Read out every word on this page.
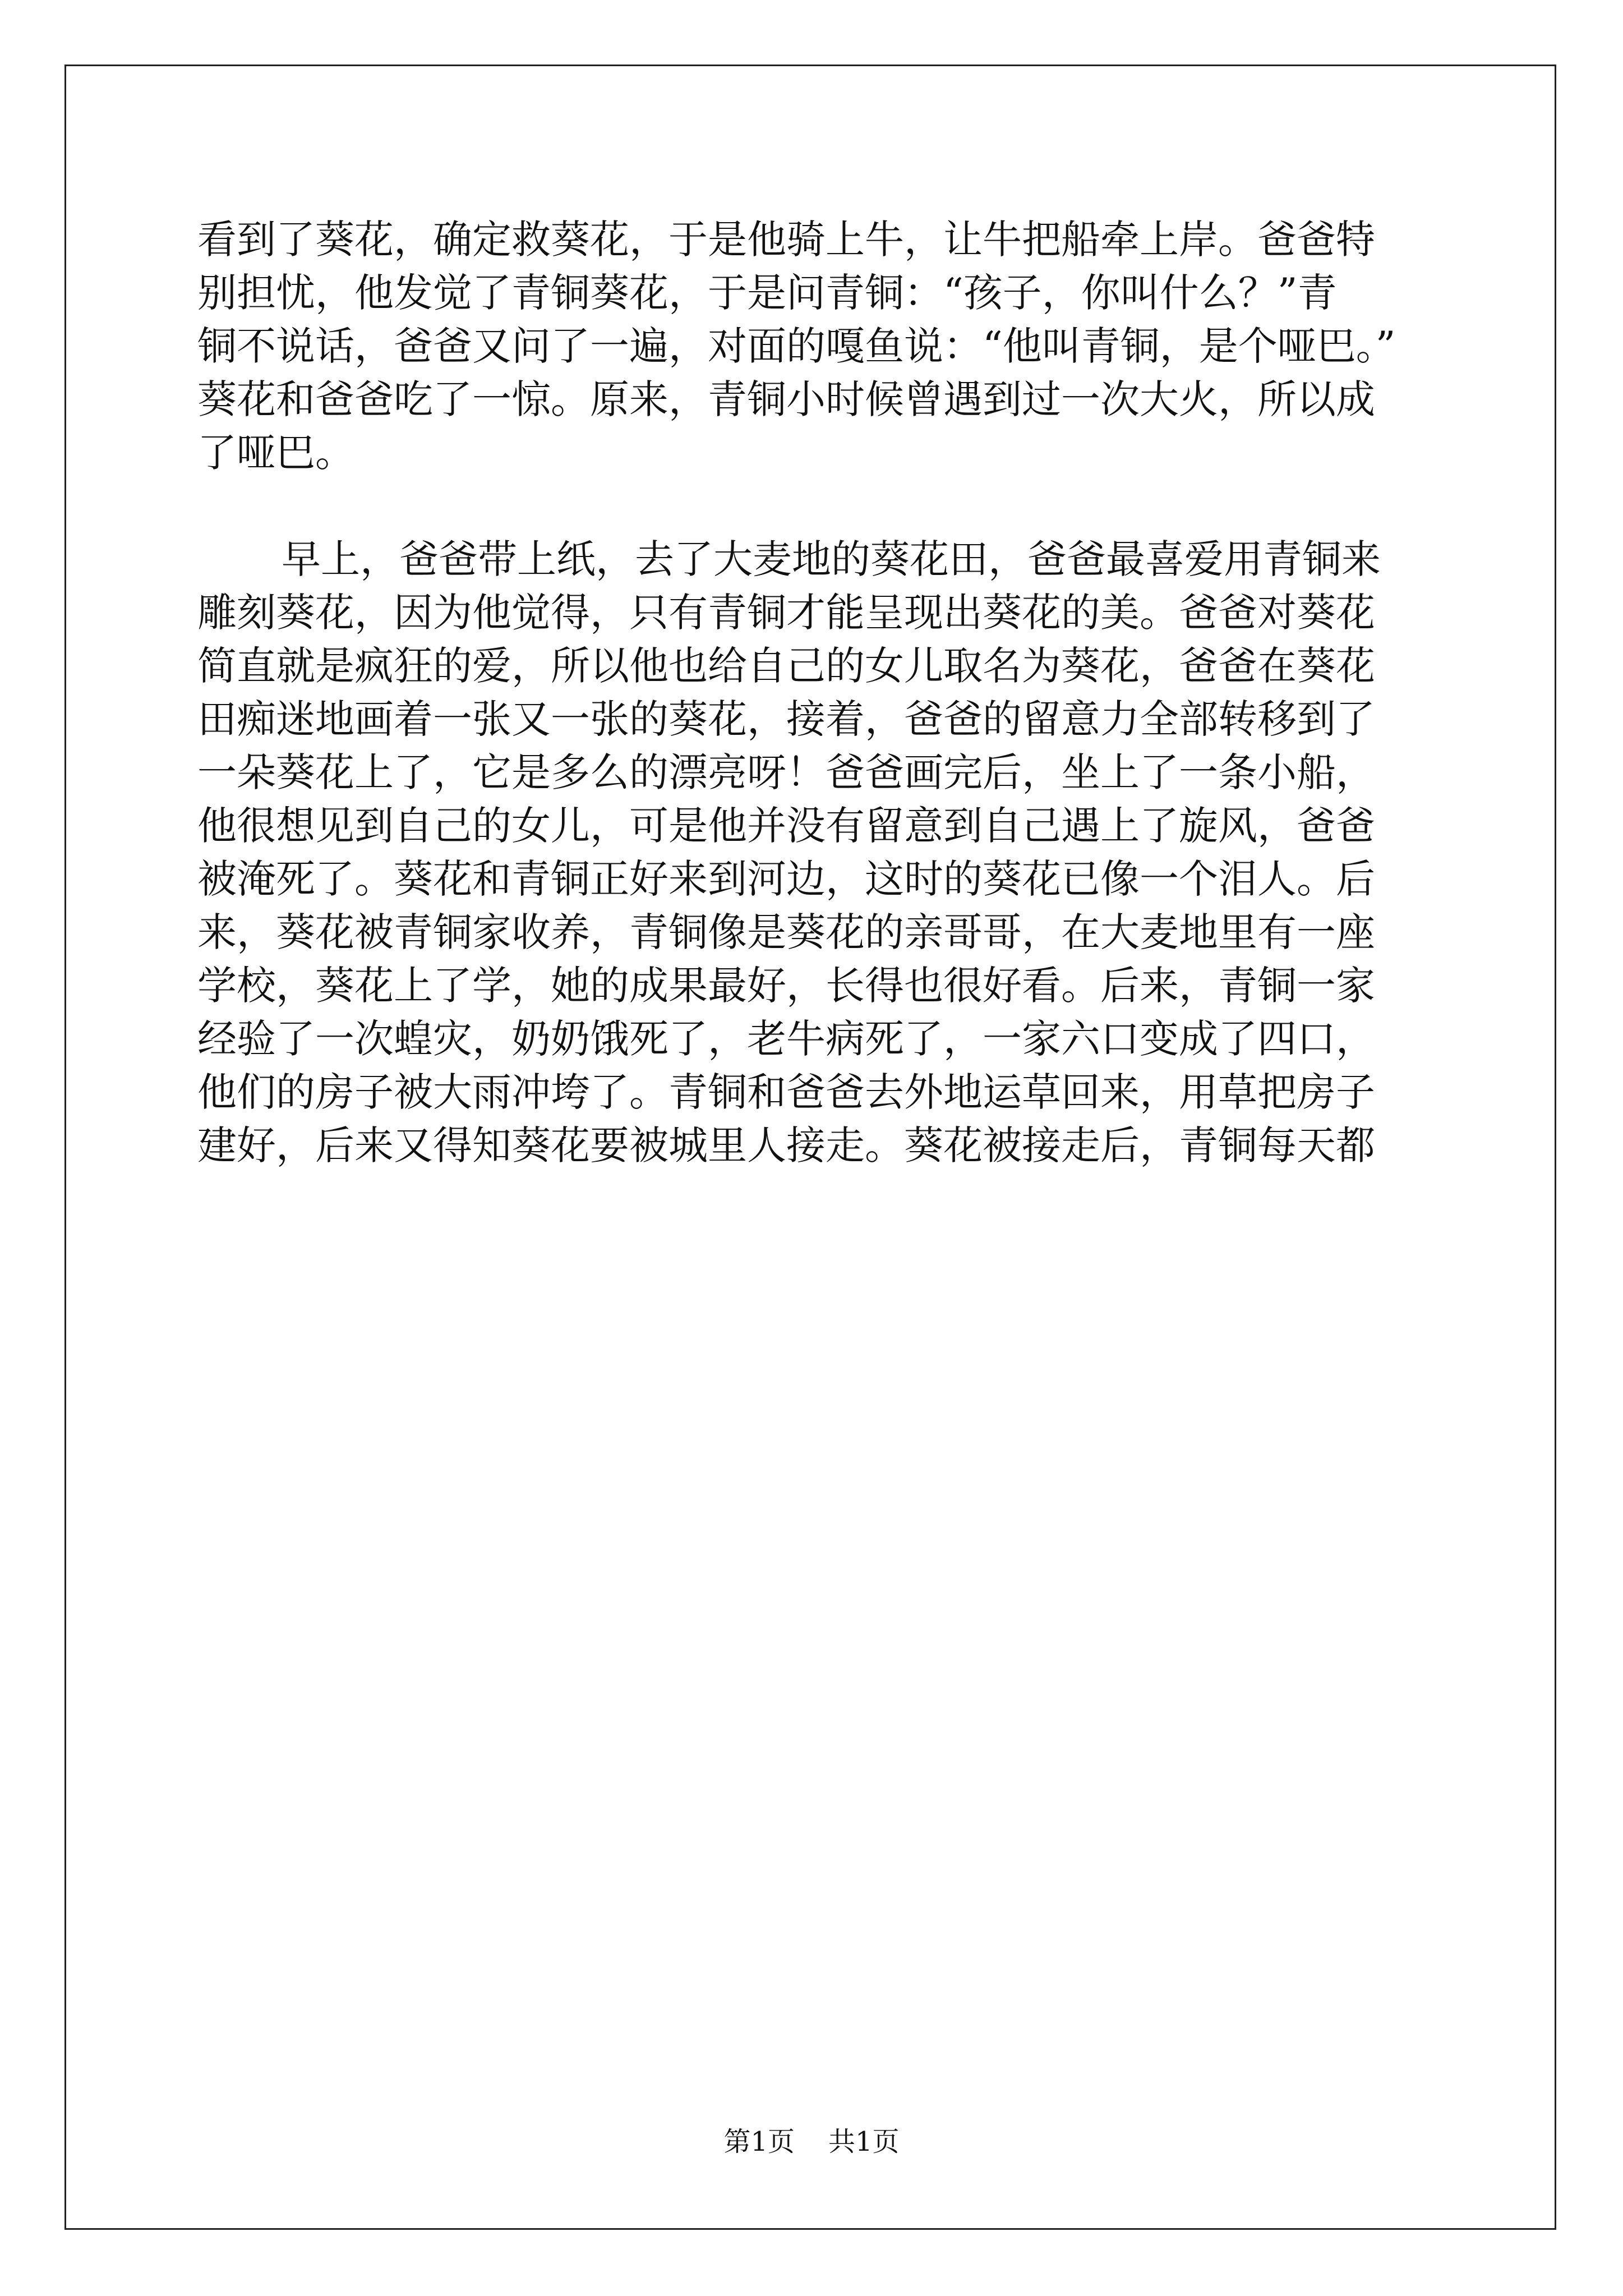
看到了葵花，确定救葵花，于是他骑上牛，让牛把船牵上岸。爸爸特
别担忧，他发觉了青铜葵花，于是问青铜：“孩子，你叫什么？”青
铜不说话，爸爸又问了一遍，对面的嘎鱼说：“他叫青铜，是个哑巴。”
葵花和爸爸吃了一惊。原来，青铜小时候曾遇到过一次大火，所以成
了哑巴。
早上，爸爸带上纸，去了大麦地的葵花田，爸爸最喜爱用青铜来
雕刻葵花，因为他觉得，只有青铜才能呈现出葵花的美。爸爸对葵花
简直就是疯狂的爱，所以他也给自己的女儿取名为葵花，爸爸在葵花
田痴迷地画着一张又一张的葵花，接着，爸爸的留意力全部转移到了
一朵葵花上了，它是多么的漂亮呀！爸爸画完后，坐上了一条小船，
他很想见到自己的女儿，可是他并没有留意到自己遇上了旋风，爸爸
被淹死了。葵花和青铜正好来到河边，这时的葵花已像一个泪人。后
来，葵花被青铜家收养，青铜像是葵花的亲哥哥，在大麦地里有一座
学校，葵花上了学，她的成果最好，长得也很好看。后来，青铜一家
经验了一次蝗灾，奶奶饿死了，老牛病死了，一家六口变成了四口，
他们的房子被大雨冲垮了。青铜和爸爸去外地运草回来，用草把房子
建好，后来又得知葵花要被城里人接走。葵花被接走后，青铜每天都
第1页 共1页
